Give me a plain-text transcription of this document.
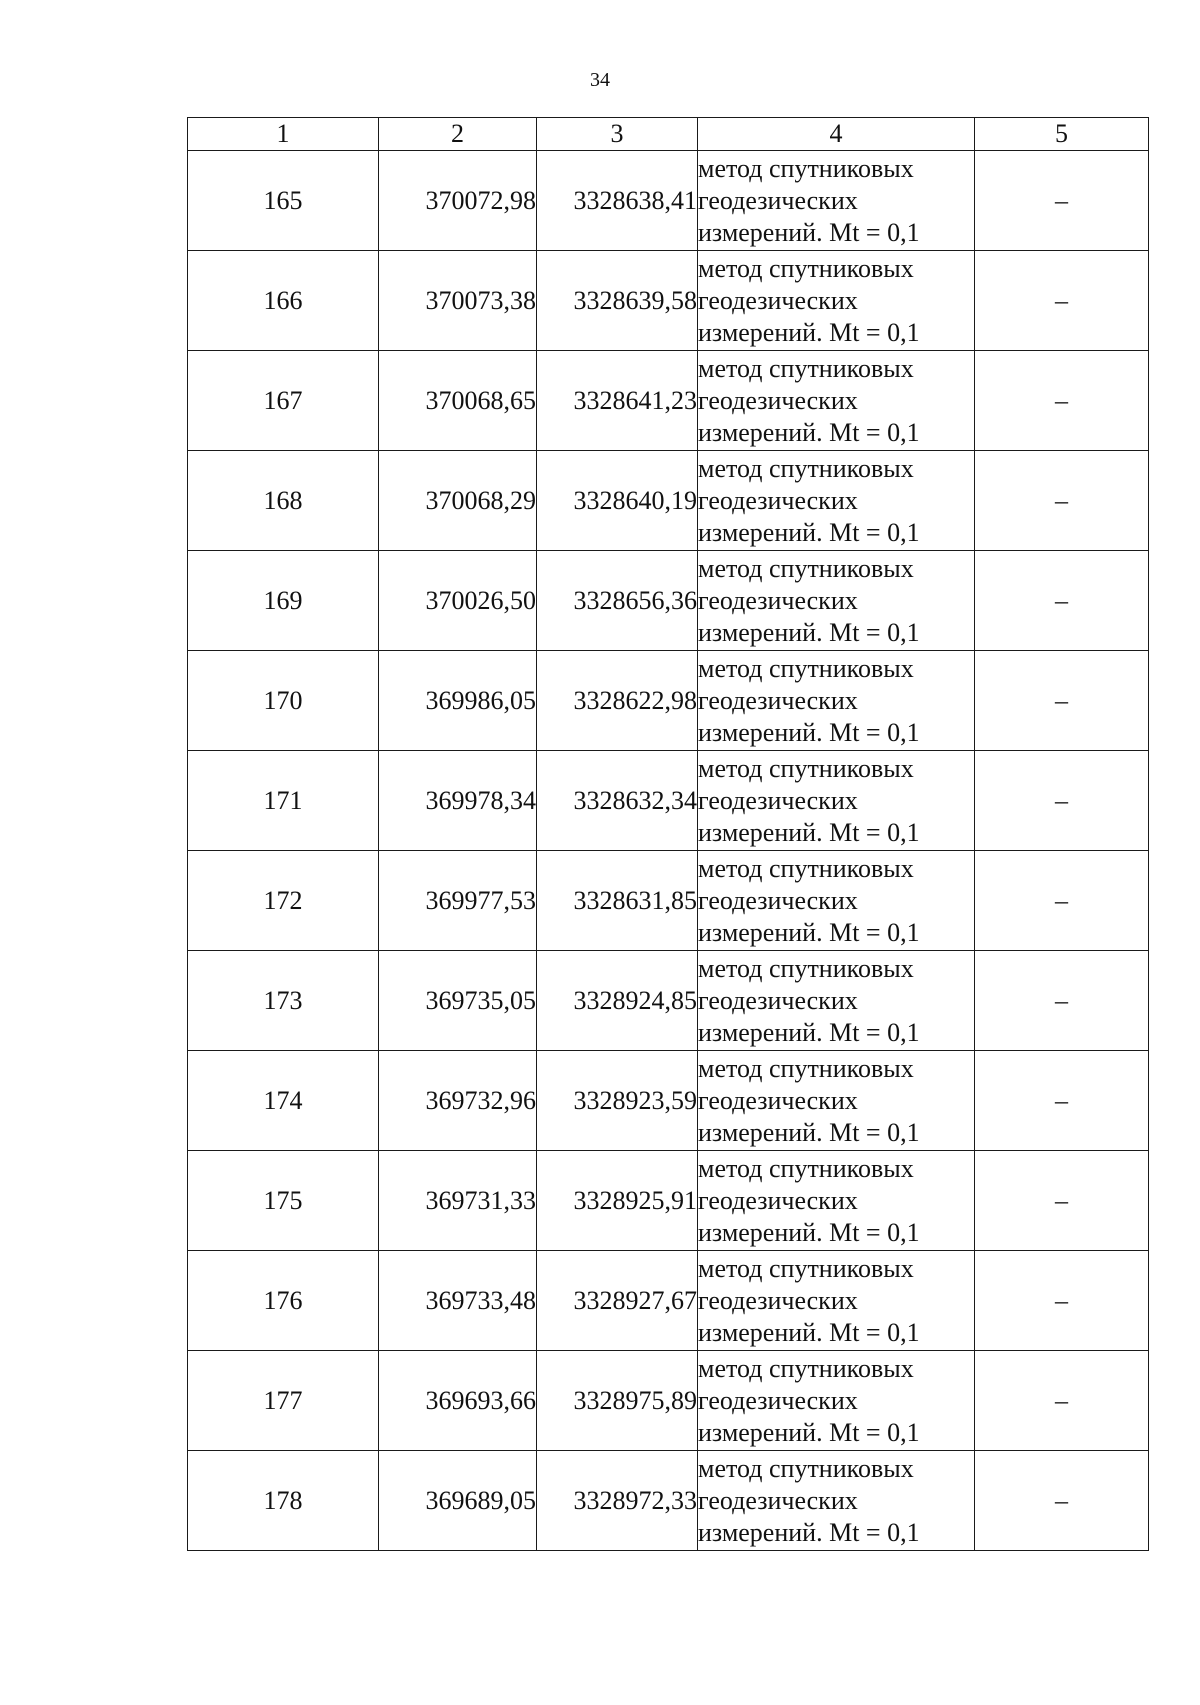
34
1	2	3	4	5
165	370072,98	3328638,41	метод спутниковых
геодезических
измерений. Mt = 0,1	–
166	370073,38	3328639,58	метод спутниковых
геодезических
измерений. Mt = 0,1	–
167	370068,65	3328641,23	метод спутниковых
геодезических
измерений. Mt = 0,1	–
168	370068,29	3328640,19	метод спутниковых
геодезических
измерений. Mt = 0,1	–
169	370026,50	3328656,36	метод спутниковых
геодезических
измерений. Mt = 0,1	–
170	369986,05	3328622,98	метод спутниковых
геодезических
измерений. Mt = 0,1	–
171	369978,34	3328632,34	метод спутниковых
геодезических
измерений. Mt = 0,1	–
172	369977,53	3328631,85	метод спутниковых
геодезических
измерений. Mt = 0,1	–
173	369735,05	3328924,85	метод спутниковых
геодезических
измерений. Mt = 0,1	–
174	369732,96	3328923,59	метод спутниковых
геодезических
измерений. Mt = 0,1	–
175	369731,33	3328925,91	метод спутниковых
геодезических
измерений. Mt = 0,1	–
176	369733,48	3328927,67	метод спутниковых
геодезических
измерений. Mt = 0,1	–
177	369693,66	3328975,89	метод спутниковых
геодезических
измерений. Mt = 0,1	–
178	369689,05	3328972,33	метод спутниковых
геодезических
измерений. Mt = 0,1	–
